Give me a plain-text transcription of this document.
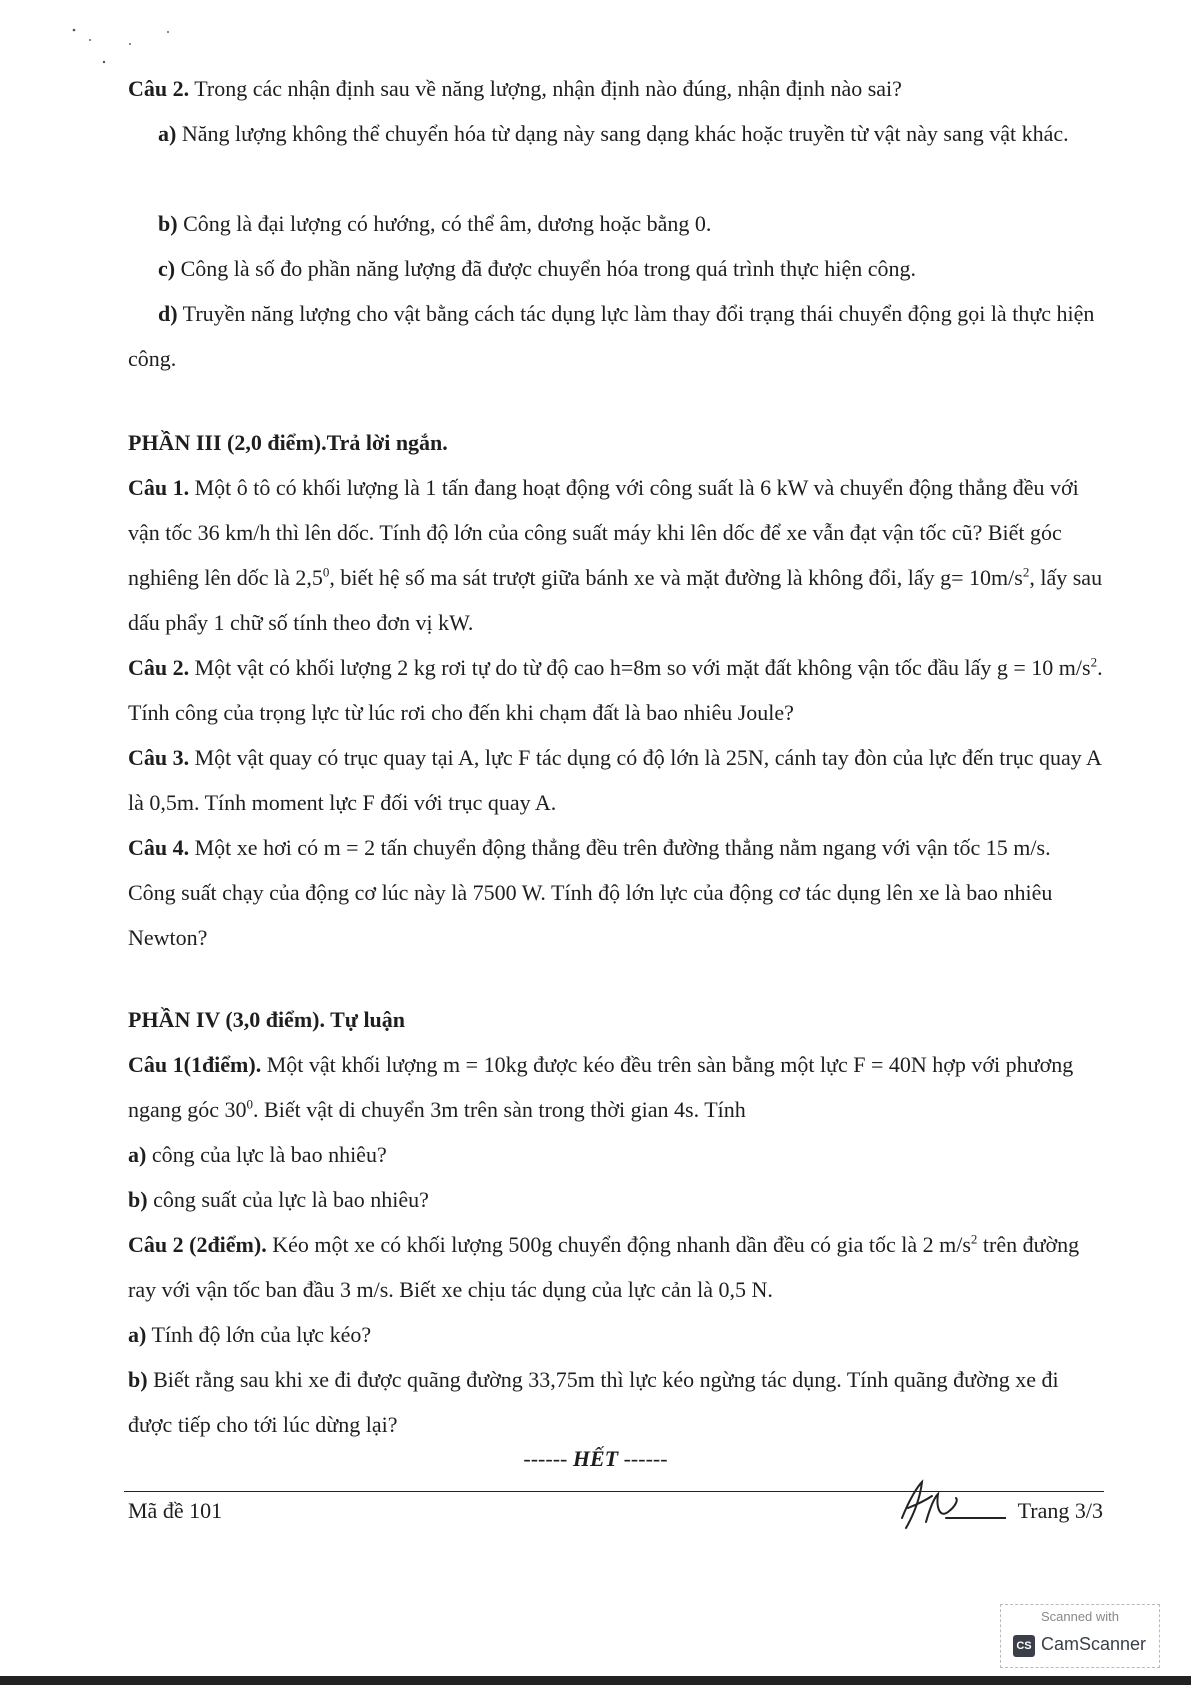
Câu 2. Trong các nhận định sau về năng lượng, nhận định nào đúng, nhận định nào sai?

a) Năng lượng không thể chuyển hóa từ dạng này sang dạng khác hoặc truyền từ vật này sang vật khác.

b) Công là đại lượng có hướng, có thể âm, dương hoặc bằng 0.

c) Công là số đo phần năng lượng đã được chuyển hóa trong quá trình thực hiện công.

d) Truyền năng lượng cho vật bằng cách tác dụng lực làm thay đổi trạng thái chuyển động gọi là thực hiện công.

PHẦN III (2,0 điểm).Trả lời ngắn.

Câu 1. Một ô tô có khối lượng là 1 tấn đang hoạt động với công suất là 6 kW và chuyển động thẳng đều với vận tốc 36 km/h thì lên dốc. Tính độ lớn của công suất máy khi lên dốc để xe vẫn đạt vận tốc cũ? Biết góc nghiêng lên dốc là $2,5^0$, biết hệ số ma sát trượt giữa bánh xe và mặt đường là không đổi, lấy $g= 10m/s^2$, lấy sau dấu phẩy 1 chữ số tính theo đơn vị kW.

Câu 2. Một vật có khối lượng 2 kg rơi tự do từ độ cao h=8m so với mặt đất không vận tốc đầu lấy g = 10 $m/s^2$. Tính công của trọng lực từ lúc rơi cho đến khi chạm đất là bao nhiêu Joule?

Câu 3. Một vật quay có trục quay tại A, lực F tác dụng có độ lớn là 25N, cánh tay đòn của lực đến trục quay A là 0,5m. Tính moment lực F đối với trục quay A.

Câu 4. Một xe hơi có m = 2 tấn chuyển động thẳng đều trên đường thẳng nằm ngang với vận tốc 15 m/s. Công suất chạy của động cơ lúc này là 7500 W. Tính độ lớn lực của động cơ tác dụng lên xe là bao nhiêu Newton?

PHẦN IV (3,0 điểm). Tự luận

Câu 1(1điểm). Một vật khối lượng m = 10kg được kéo đều trên sàn bằng một lực F = 40N hợp với phương ngang góc $30^0$. Biết vật di chuyển 3m trên sàn trong thời gian 4s. Tính

a) công của lực là bao nhiêu?

b) công suất của lực là bao nhiêu?

Câu 2 (2điểm). Kéo một xe có khối lượng 500g chuyển động nhanh dần đều có gia tốc là 2 $m/s^2$ trên đường ray với vận tốc ban đầu 3 m/s. Biết xe chịu tác dụng của lực cản là 0,5 N.

a) Tính độ lớn của lực kéo?

b) Biết rằng sau khi xe đi được quãng đường 33,75m thì lực kéo ngừng tác dụng. Tính quãng đường xe đi được tiếp cho tới lúc dừng lại?

------ HẾT ------
Mã đề 101	Trang 3/3
Scanned with
CS CamScanner
